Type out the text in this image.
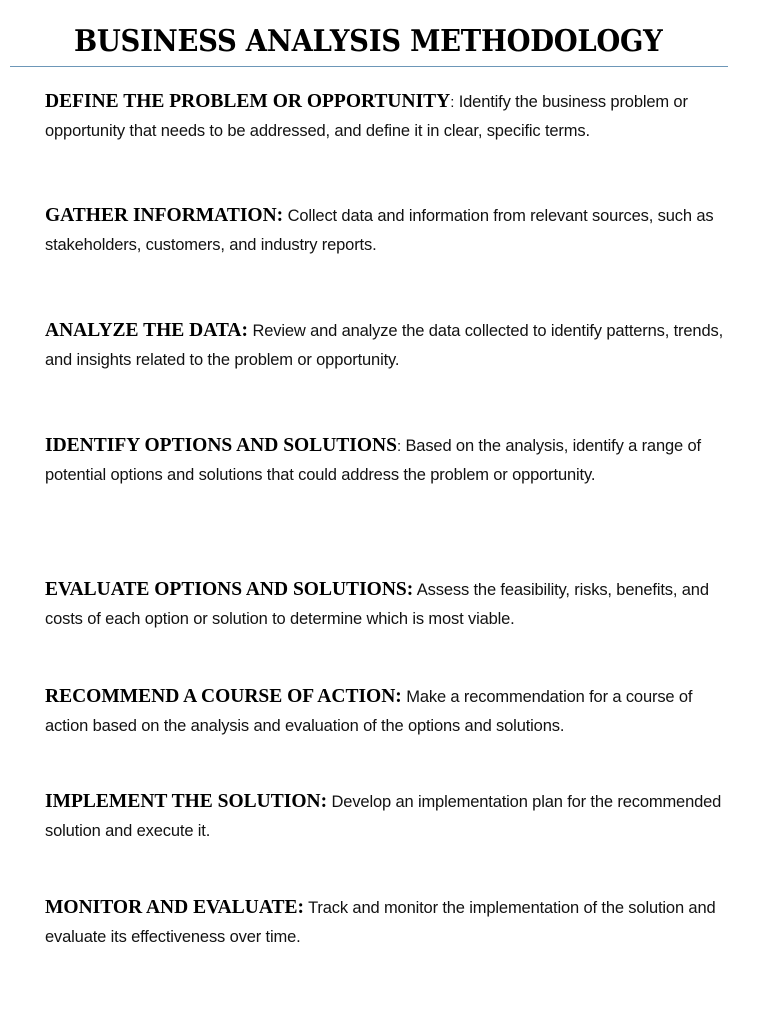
BUSINESS ANALYSIS METHODOLOGY
DEFINE THE PROBLEM OR OPPORTUNITY: Identify the business problem or opportunity that needs to be addressed, and define it in clear, specific terms.
GATHER INFORMATION: Collect data and information from relevant sources, such as stakeholders, customers, and industry reports.
ANALYZE THE DATA: Review and analyze the data collected to identify patterns, trends, and insights related to the problem or opportunity.
IDENTIFY OPTIONS AND SOLUTIONS: Based on the analysis, identify a range of potential options and solutions that could address the problem or opportunity.
EVALUATE OPTIONS AND SOLUTIONS: Assess the feasibility, risks, benefits, and costs of each option or solution to determine which is most viable.
RECOMMEND A COURSE OF ACTION: Make a recommendation for a course of action based on the analysis and evaluation of the options and solutions.
IMPLEMENT THE SOLUTION: Develop an implementation plan for the recommended solution and execute it.
MONITOR AND EVALUATE: Track and monitor the implementation of the solution and evaluate its effectiveness over time.
